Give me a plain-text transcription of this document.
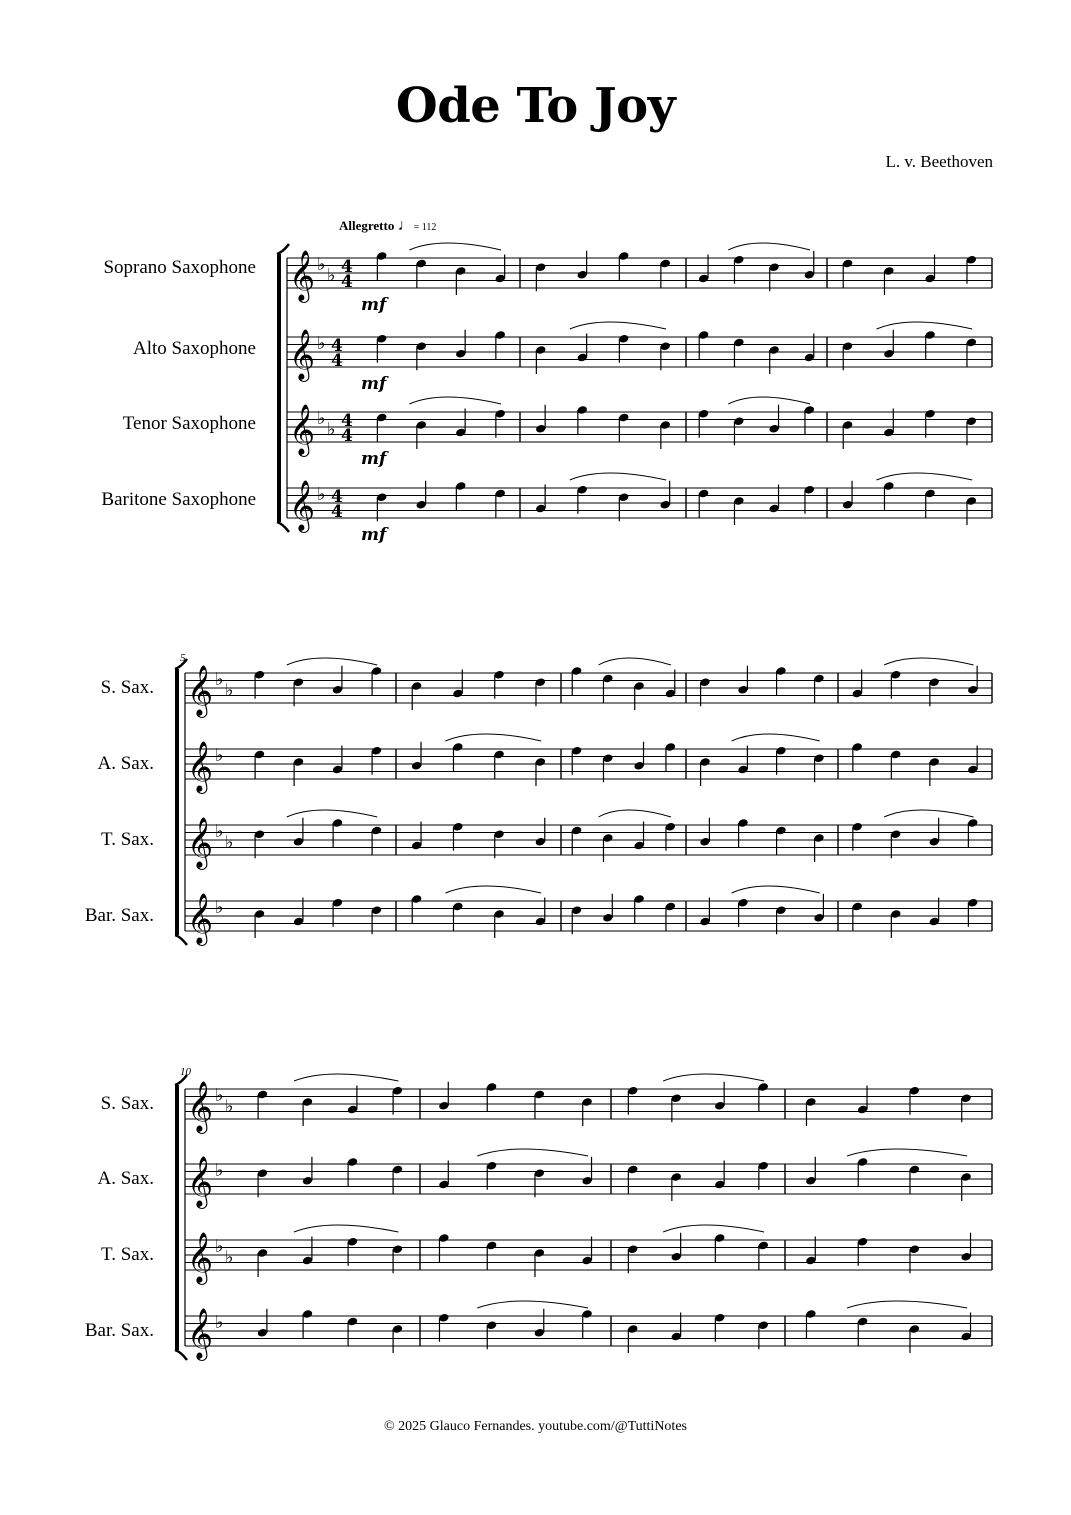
Ode To Joy
L. v. Beethoven
Allegretto ♩= 112
Soprano Saxophone
Alto Saxophone
Tenor Saxophone
Baritone Saxophone
5
S. Sax.
A. Sax.
T. Sax.
Bar. Sax.
10
S. Sax.
A. Sax.
T. Sax.
Bar. Sax.
𝄞 ♭
♭ 4
4
mf
𝄞 ♭ 4
4
mf
𝄞 ♭
♭ 4
4
mf
𝄞 ♭ 4
4
mf
𝄞 ♭
♭
𝄞 ♭
𝄞 ♭
♭
𝄞 ♭
𝄞 ♭
♭
𝄞 ♭
𝄞 ♭
♭
𝄞 ♭
© 2025 Glauco Fernandes. youtube.com/@TuttiNotes
